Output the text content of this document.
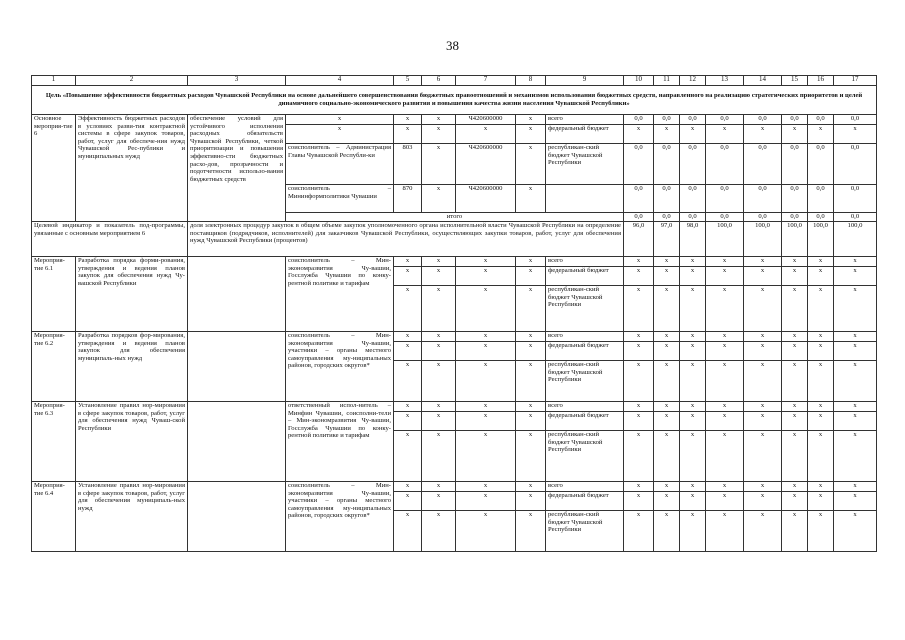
38
1	2	3	4	5	6	7	8	9	10	11	12	13	14	15	16	17
Цель «Повышение эффективности бюджетных расходов Чувашской Республики на основе дальнейшего совершенствования бюджетных правоотношений и механизмов использования бюджетных средств, направленного на реализацию стратегических приоритетов и целей динамичного социально-экономического развития и повышения качества жизни населения Чувашской Республики»																
Основное мероприя-тие 6	Эффективность бюджетных расходов в условиях разви-тия контрактной системы в сфере закупок товаров, работ, услуг для обеспече-ния нужд Чувашской Рес-публики и муниципальных нужд	обеспечение условий для устойчивого исполнения расходных обязательств Чувашской Республики, четкой приоритизации и повышения эффективно-сти бюджетных расхо-дов, прозрачности и подотчетности использо-вания бюджетных средств	х	х	х	Ч420600000	х	всего	0,0	0,0	0,0	0,0	0,0	0,0	0,0	0,0
			х	х	х	х	х	федеральный бюджет	х	х	х	х	х	х	х	х
			соисполнитель – Администрация Главы Чувашской Республи-ки	803	х	Ч420600000	х	республикан-ский бюджет Чувашской Республики	0,0	0,0	0,0	0,0	0,0	0,0	0,0	0,0
			соисполнитель – Мининформполитики Чувашии	870	х	Ч420600000	х		0,0	0,0	0,0	0,0	0,0	0,0	0,0	0,0
			итого						0,0	0,0	0,0	0,0	0,0	0,0	0,0	0,0
Целевой индикатор и показатель под-программы, увязанные с основным мероприятием 6		доля электронных процедур закупок в общем объеме закупок уполномоченного органа исполнительной власти Чувашской Республики на определение поставщиков (подрядчиков, исполнителей) для заказчиков Чувашской Республики, осуществляющих закупки товаров, работ, услуг для обеспечения нужд Чувашской Республики (процентов)							96,0	97,0	98,0	100,0	100,0	100,0	100,0	100,0
Мероприя-тие 6.1	Разработка порядка форми-рования, утверждения и ведения планов закупок для обеспечения нужд Чу-вашской Республики		соисполнитель – Мин-экономразвития Чу-вашии, Госслужба Чувашии по конку-рентной политике и тарифам	х	х	х	х	всего	х	х	х	х	х	х	х	х
				х	х	х	х	федеральный бюджет	х	х	х	х	х	х	х	х
				х	х	х	х	республикан-ский бюджет Чувашской Республики	х	х	х	х	х	х	х	х
Мероприя-тие 6.2	Разработка порядков фор-мирования, утверждения и ведения планов закупок для обеспечения муниципаль-ных нужд		соисполнитель – Мин-экономразвития Чу-вашии, участники – органы местного самоуправления му-ниципальных районов, городских округов*	х	х	х	х	всего	х	х	х	х	х	х	х	х
				х	х	х	х	федеральный бюджет	х	х	х	х	х	х	х	х
				х	х	х	х	республикан-ский бюджет Чувашской Республики	х	х	х	х	х	х	х	х
Мероприя-тие 6.3	Установление правил нор-мирования в сфере закупок товаров, работ, услуг для обеспечения нужд Чуваш-ской Республики		ответственный испол-нитель – Минфин Чувашии, соисполни-тели – Мин-экономразвития Чу-вашии, Госслужба Чувашии по конку-рентной политике и тарифам	х	х	х	х	всего	х	х	х	х	х	х	х	х
				х	х	х	х	федеральный бюджет	х	х	х	х	х	х	х	х
				х	х	х	х	республикан-ский бюджет Чувашской Республики	х	х	х	х	х	х	х	х
Мероприя-тие 6.4	Установление правил нор-мирования в сфере закупок товаров, работ, услуг для обеспечения муниципаль-ных нужд		соисполнитель – Мин-экономразвития Чу-вашии, участники – органы местного самоуправления му-ниципальных районов, городских округов*	х	х	х	х	всего	х	х	х	х	х	х	х	х
				х	х	х	х	федеральный бюджет	х	х	х	х	х	х	х	х
				х	х	х	х	республикан-ский бюджет Чувашской Республики	х	х	х	х	х	х	х	х
